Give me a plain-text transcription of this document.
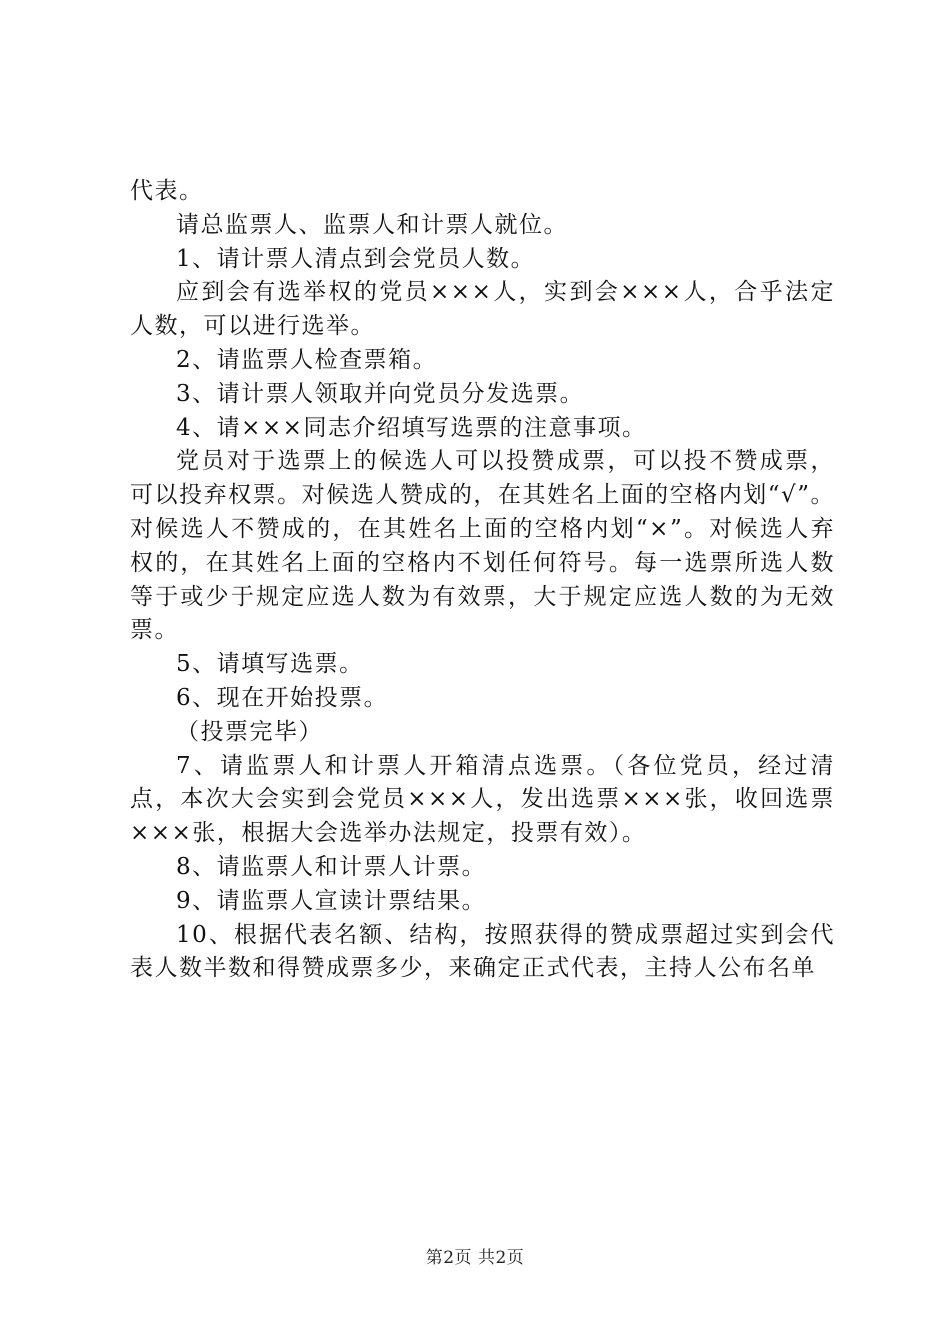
代表。

请总监票人、监票人和计票人就位。

1、请计票人清点到会党员人数。

应到会有选举权的党员×××人，实到会×××人，合乎法定人数，可以进行选举。

2、请监票人检查票箱。

3、请计票人领取并向党员分发选票。

4、请×××同志介绍填写选票的注意事项。

党员对于选票上的候选人可以投赞成票，可以投不赞成票，可以投弃权票。对候选人赞成的，在其姓名上面的空格内划“√”。对候选人不赞成的，在其姓名上面的空格内划“×”。对候选人弃权的，在其姓名上面的空格内不划任何符号。每一选票所选人数等于或少于规定应选人数为有效票，大于规定应选人数的为无效票。

5、请填写选票。

6、现在开始投票。

（投票完毕）

7、请监票人和计票人开箱清点选票。（各位党员，经过清点，本次大会实到会党员×××人，发出选票×××张，收回选票×××张，根据大会选举办法规定，投票有效）。

8、请监票人和计票人计票。

9、请监票人宣读计票结果。

10、根据代表名额、结构，按照获得的赞成票超过实到会代表人数半数和得赞成票多少，来确定正式代表，主持人公布名单

第2页 共2页
